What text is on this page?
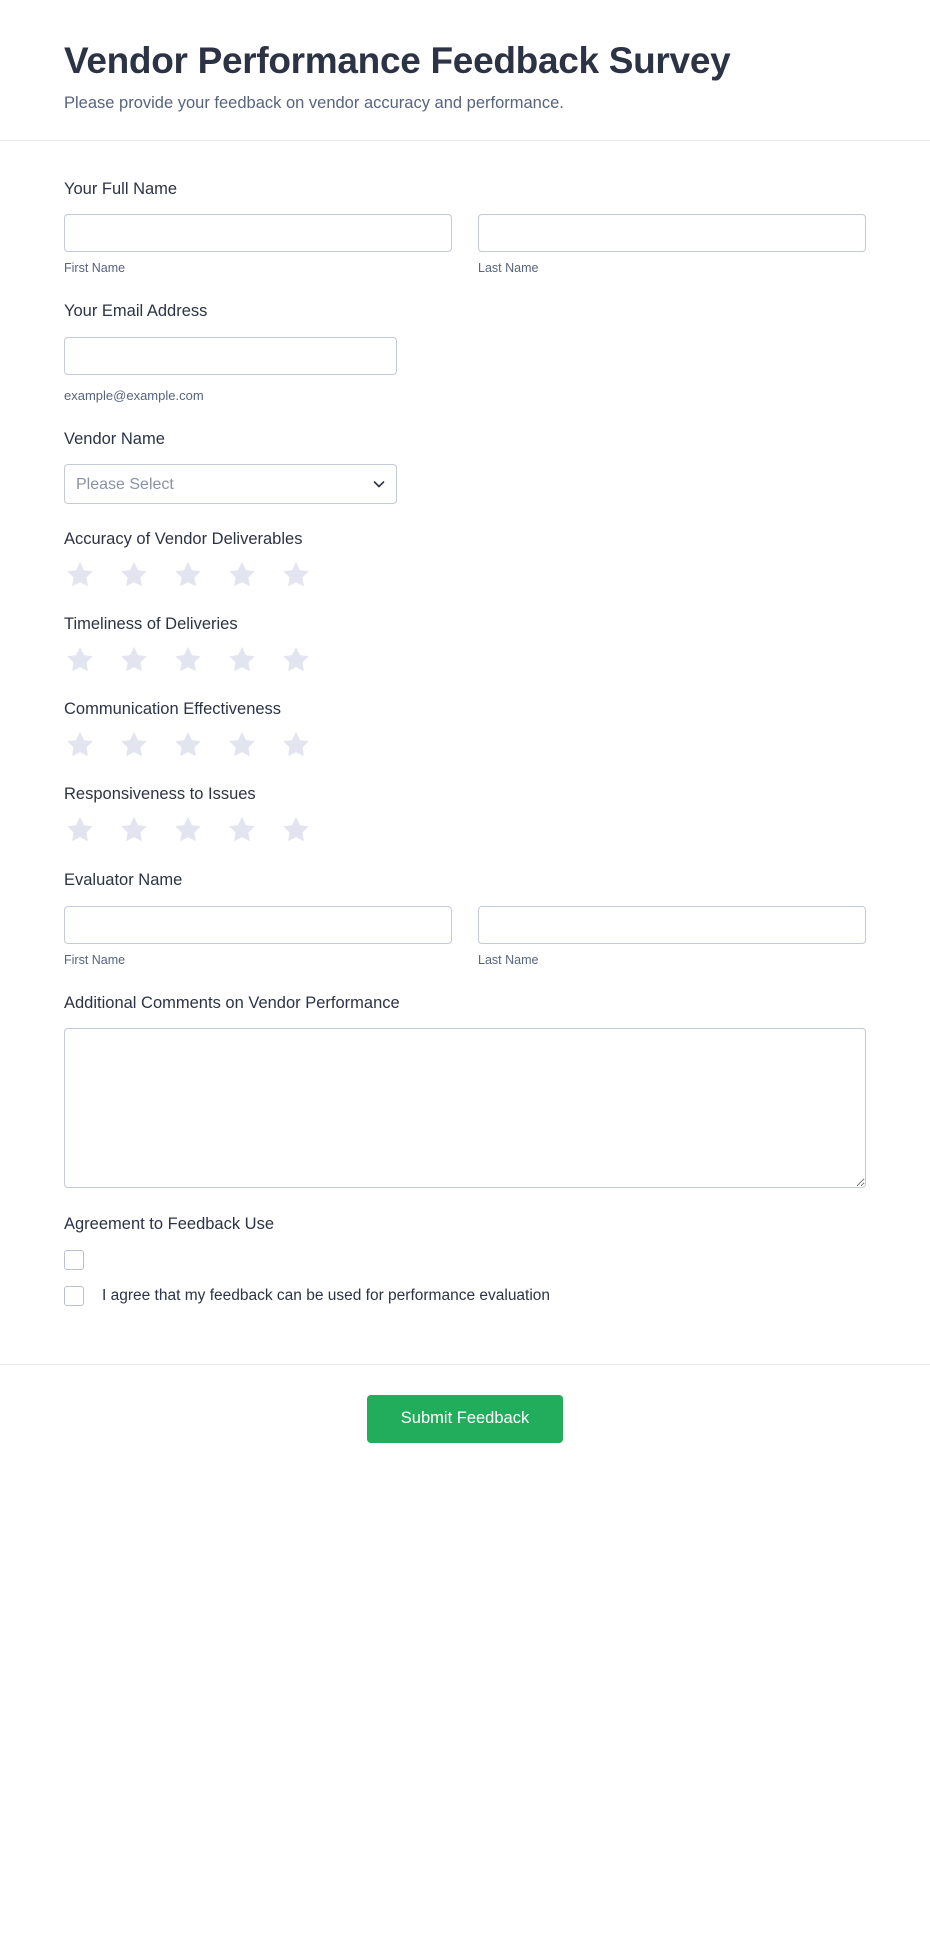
Vendor Performance Feedback Survey

Please provide your feedback on vendor accuracy and performance.

Your Full Name
First Name	Last Name
Your Email Address
example@example.com
Vendor Name
Please Select
Accuracy of Vendor Deliverables
Timeliness of Deliveries
Communication Effectiveness
Responsiveness to Issues
Evaluator Name
First Name	Last Name
Additional Comments on Vendor Performance
Agreement to Feedback Use
I agree that my feedback can be used for performance evaluation
Submit Feedback
